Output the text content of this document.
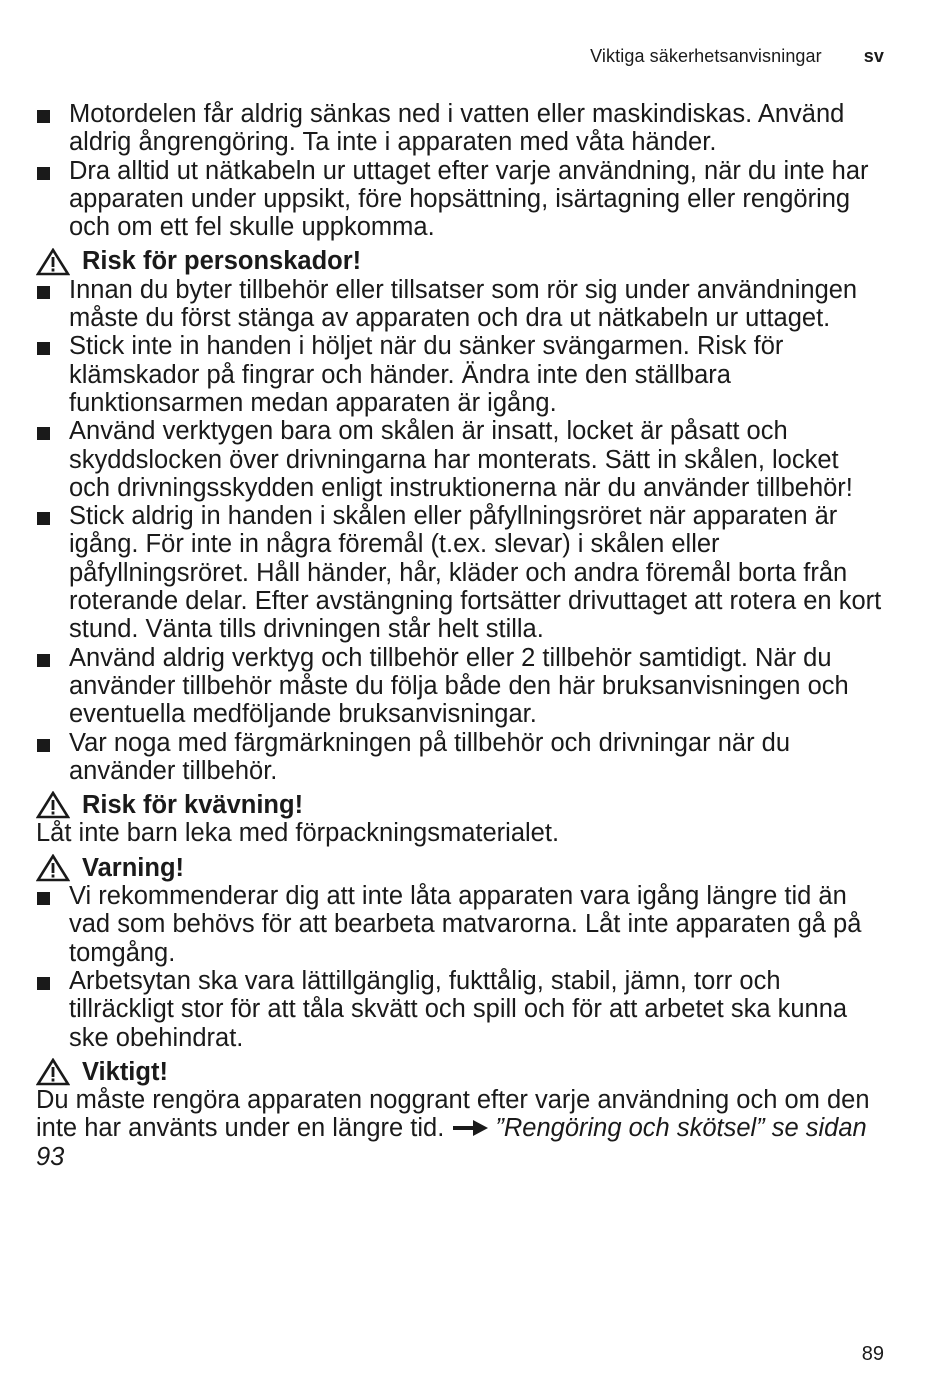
Viktiga säkerhetsanvisningar sv
Motordelen får aldrig sänkas ned i vatten eller maskindiskas. Använd aldrig ångrengöring. Ta inte i apparaten med våta händer.
Dra alltid ut nätkabeln ur uttaget efter varje användning, när du inte har apparaten under uppsikt, före hopsättning, isärtagning eller rengöring och om ett fel skulle uppkomma.
Risk för personskador!
Innan du byter tillbehör eller tillsatser som rör sig under användningen måste du först stänga av apparaten och dra ut nätkabeln ur uttaget.
Stick inte in handen i höljet när du sänker svängarmen. Risk för klämskador på fingrar och händer. Ändra inte den ställbara funktionsarmen medan apparaten är igång.
Använd verktygen bara om skålen är insatt, locket är påsatt och skyddslocken över drivningarna har monterats. Sätt in skålen, locket och drivningsskydden enligt instruktionerna när du använder tillbehör!
Stick aldrig in handen i skålen eller påfyllningsröret när apparaten är igång. För inte in några föremål (t.ex. slevar) i skålen eller påfyllningsröret. Håll händer, hår, kläder och andra föremål borta från roterande delar. Efter avstängning fortsätter drivuttaget att rotera en kort stund. Vänta tills drivningen står helt stilla.
Använd aldrig verktyg och tillbehör eller 2 tillbehör samtidigt. När du använder tillbehör måste du följa både den här bruksanvisningen och eventuella medföljande bruksanvisningar.
Var noga med färgmärkningen på tillbehör och drivningar när du använder tillbehör.
Risk för kvävning!

Låt inte barn leka med förpackningsmaterialet.

Varning!
Vi rekommenderar dig att inte låta apparaten vara igång längre tid än vad som behövs för att bearbeta matvarorna. Låt inte apparaten gå på tomgång.
Arbetsytan ska vara lättillgänglig, fukttålig, stabil, jämn, torr och tillräckligt stor för att tåla skvätt och spill och för att arbetet ska kunna ske obehindrat.
Viktigt!

Du måste rengöra apparaten noggrant efter varje användning och om den inte har använts under en längre tid. ”Rengöring och skötsel” se sidan 93

89
